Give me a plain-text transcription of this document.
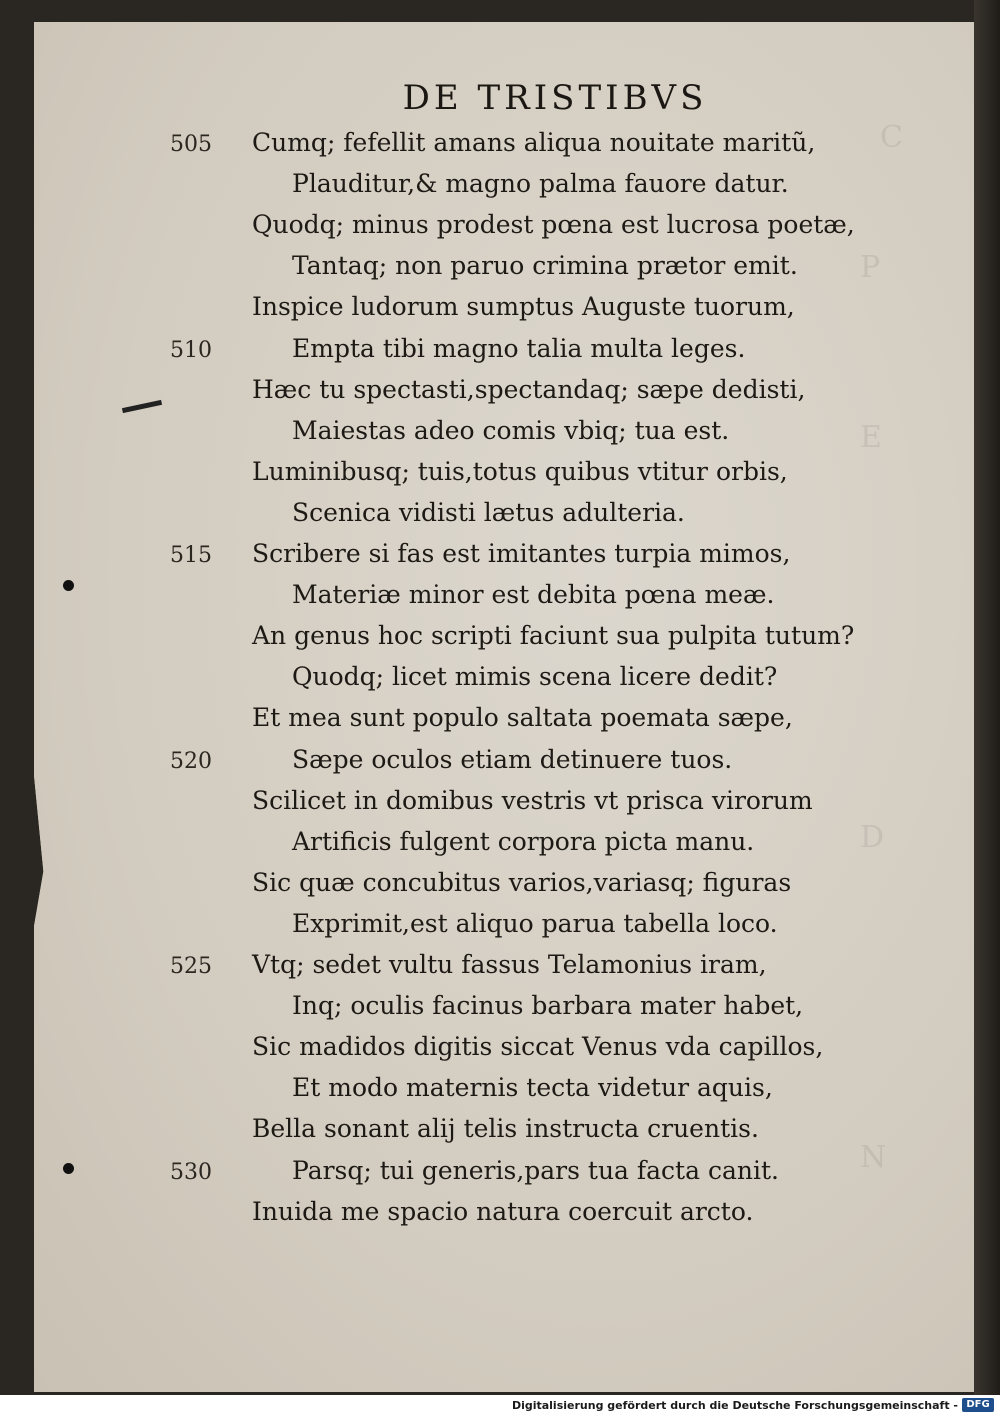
C
P
E
D
N
DE TRISTIBVS
Cumq; fefellit amans aliqua nouitate maritũ,
505
Plauditur,& magno palma fauore datur.
Quodq; minus prodest pœna est lucrosa poetæ,
Tantaq; non paruo crimina prætor emit.
Inspice ludorum sumptus Auguste tuorum,
Empta tibi magno talia multa leges.
510
Hæc tu spectasti,spectandaq; sæpe dedisti,
Maiestas adeo comis vbiq; tua est.
Luminibusq; tuis,totus quibus vtitur orbis,
Scenica vidisti lætus adulteria.
Scribere si fas est imitantes turpia mimos,
515
Materiæ minor est debita pœna meæ.
An genus hoc scripti faciunt sua pulpita tutum?
Quodq; licet mimis scena licere dedit?
Et mea sunt populo saltata poemata sæpe,
Sæpe oculos etiam detinuere tuos.
520
Scilicet in domibus vestris vt prisca virorum
Artificis fulgent corpora picta manu.
Sic quæ concubitus varios,variasq; figuras
Exprimit,est aliquo parua tabella loco.
Vtq; sedet vultu fassus Telamonius iram,
525
Inq; oculis facinus barbara mater habet,
Sic madidos digitis siccat Venus vda capillos,
Et modo maternis tecta videtur aquis,
Bella sonant alij telis instructa cruentis.
Parsq; tui generis,pars tua facta canit.
530
Inuida me spacio natura coercuit arcto.
Digitalisierung gefördert durch die Deutsche Forschungsgemeinschaft - DFG
